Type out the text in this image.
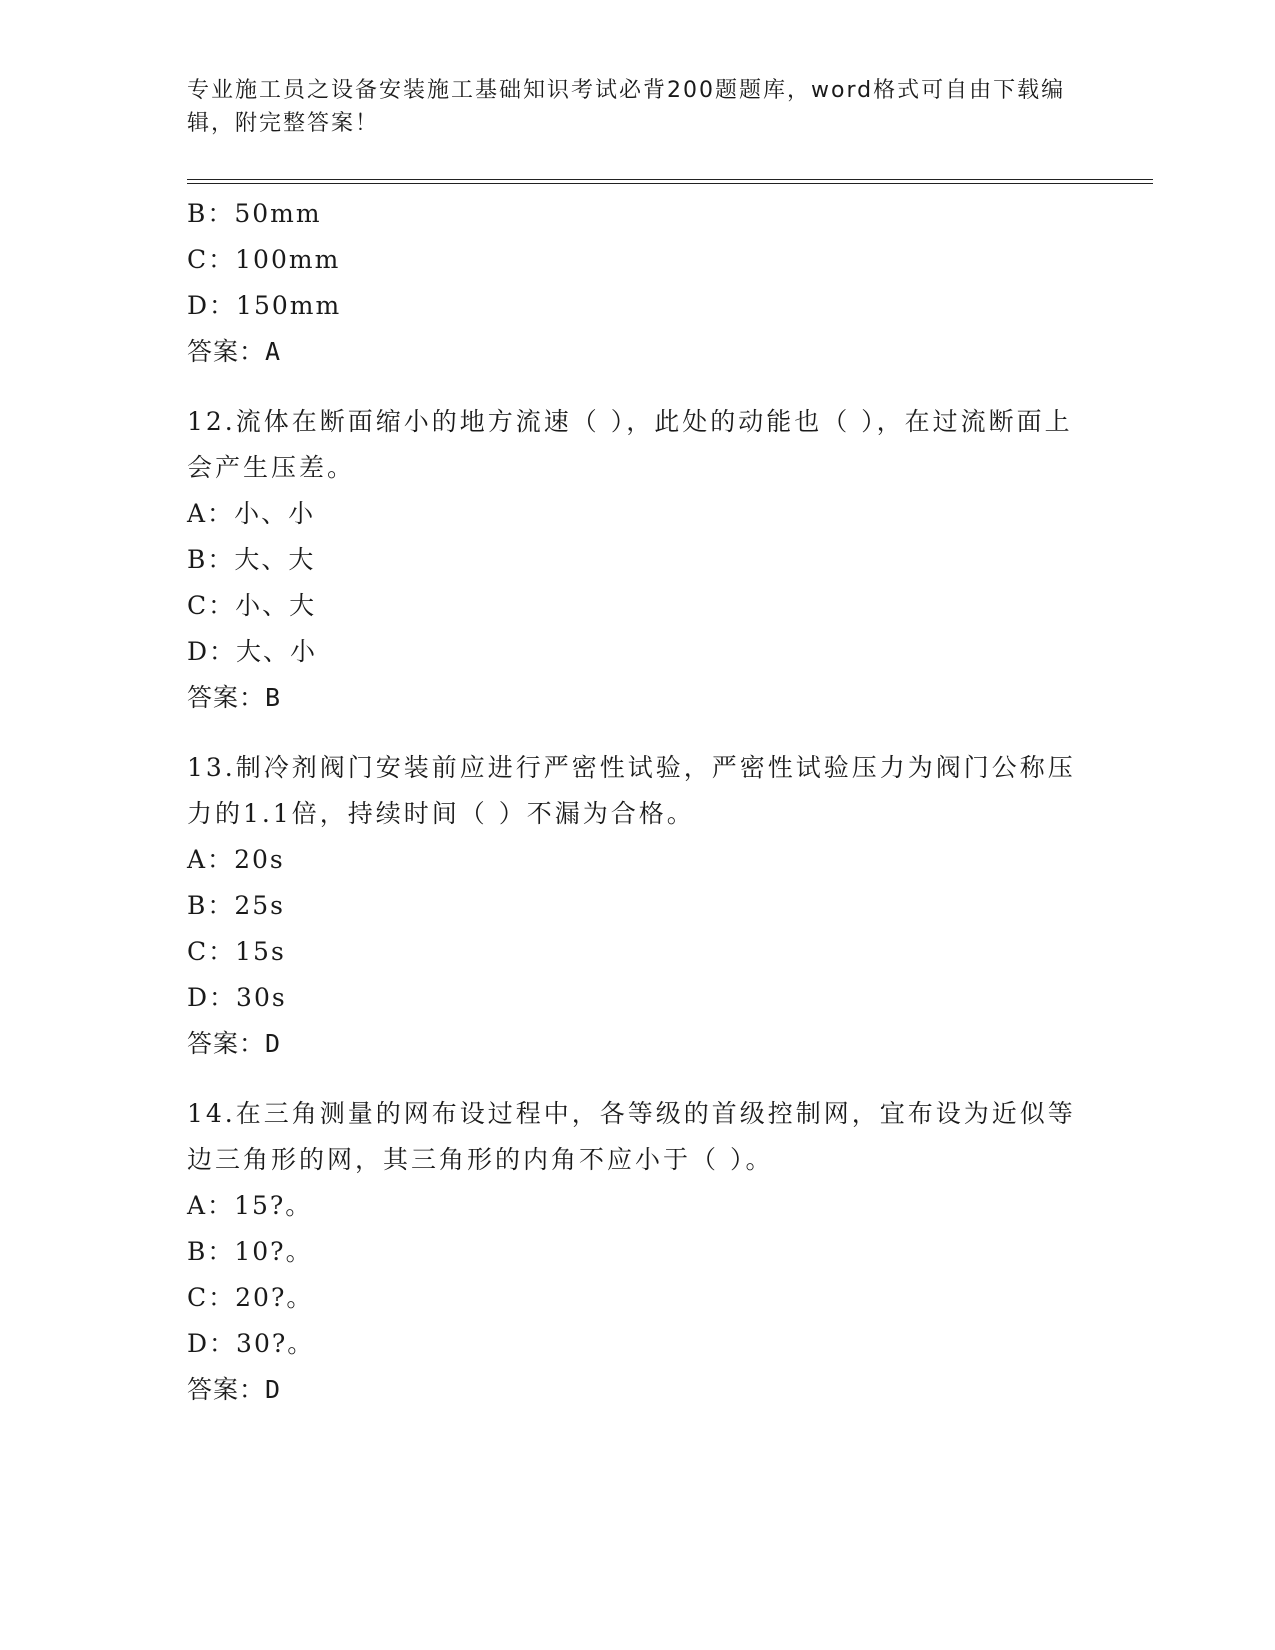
专业施工员之设备安装施工基础知识考试必背200题题库，word格式可自由下载编辑，附完整答案！
B：50mm
C：100mm
D：150mm
答案：A
12.流体在断面缩小的地方流速（ ），此处的动能也（ ），在过流断面上会产生压差。
A：小、小
B：大、大
C：小、大
D：大、小
答案：B
13.制冷剂阀门安装前应进行严密性试验，严密性试验压力为阀门公称压力的1.1倍，持续时间（ ）不漏为合格。
A：20s
B：25s
C：15s
D：30s
答案：D
14.在三角测量的网布设过程中，各等级的首级控制网，宜布设为近似等边三角形的网，其三角形的内角不应小于（ ）。
A：15?。
B：10?。
C：20?。
D：30?。
答案：D
